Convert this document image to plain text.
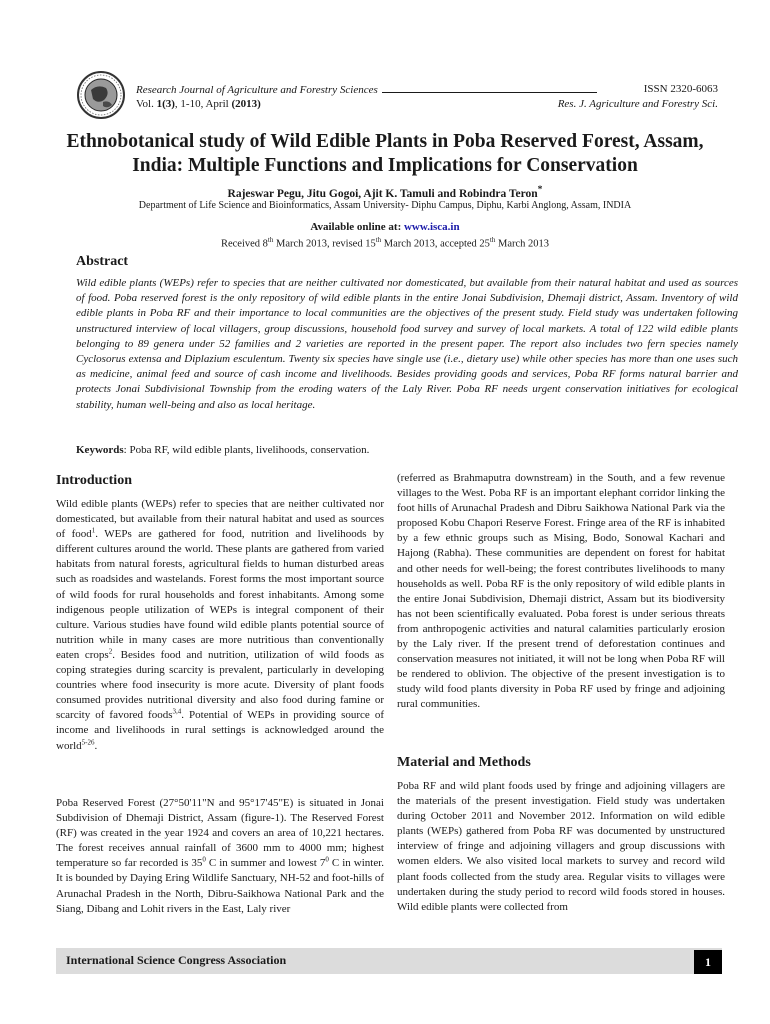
Research Journal of Agriculture and Forestry Sciences
Vol. 1(3), 1-10, April (2013)
ISSN 2320-6063
Res. J. Agriculture and Forestry Sci.
Ethnobotanical study of Wild Edible Plants in Poba Reserved Forest, Assam, India: Multiple Functions and Implications for Conservation
Rajeswar Pegu, Jitu Gogoi, Ajit K. Tamuli and Robindra Teron*
Department of Life Science and Bioinformatics, Assam University- Diphu Campus, Diphu, Karbi Anglong, Assam, INDIA
Available online at: www.isca.in
Received 8th March 2013, revised 15th March 2013, accepted 25th March 2013
Abstract
Wild edible plants (WEPs) refer to species that are neither cultivated nor domesticated, but available from their natural habitat and used as sources of food. Poba reserved forest is the only repository of wild edible plants in the entire Jonai Subdivision, Dhemaji district, Assam. Inventory of wild edible plants in Poba RF and their importance to local communities are the objectives of the present study. Field study was undertaken following unstructured interview of local villagers, group discussions, household food survey and survey of local markets. A total of 122 wild edible plants belonging to 89 genera under 52 families and 2 varieties are reported in the present paper. The report also includes two fern species namely Cyclosorus extensa and Diplazium esculentum. Twenty six species have single use (i.e., dietary use) while other species has more than one uses such as medicine, animal feed and source of cash income and livelihoods. Besides providing goods and services, Poba RF forms natural barrier and protects Jonai Subdivisional Township from the eroding waters of the Laly River. Poba RF needs urgent conservation initiatives for ecological stability, human well-being and also as local heritage.
Keywords: Poba RF, wild edible plants, livelihoods, conservation.
Introduction
Wild edible plants (WEPs) refer to species that are neither cultivated nor domesticated, but available from their natural habitat and used as sources of food$^1$. WEPs are gathered for food, nutrition and livelihoods by different cultures around the world. These plants are gathered from varied habitats from natural forests, agricultural fields to human disturbed areas such as roadsides and wastelands. Forest forms the most important source of wild foods for rural households and forest inhabitants. Among some indigenous people utilization of WEPs is integral component of their culture. Various studies have found wild edible plants potential source of nutrition while in many cases are more nutritious than conventionally eaten crops$^2$. Besides food and nutrition, utilization of wild foods as coping strategies during scarcity is prevalent, particularly in developing countries where food insecurity is more acute. Diversity of plant foods consumed provides nutritional diversity and also food during famine or scarcity of favored foods$^{3,4}$. Potential of WEPs in providing source of income and livelihoods in rural settings is acknowledged around the world$^{5-26}$.
Poba Reserved Forest (27°50'11"N and 95°17'45"E) is situated in Jonai Subdivision of Dhemaji District, Assam (figure-1). The Reserved Forest (RF) was created in the year 1924 and covers an area of 10,221 hectares. The forest receives annual rainfall of 3600 mm to 4000 mm; highest temperature so far recorded is $35^0$ C in summer and lowest $7^0$ C in winter. It is bounded by Daying Ering Wildlife Sanctuary, NH-52 and foot-hills of Arunachal Pradesh in the North, Dibru-Saikhowa National Park and the Siang, Dibang and Lohit rivers in the East, Laly river
(referred as Brahmaputra downstream) in the South, and a few revenue villages to the West. Poba RF is an important elephant corridor linking the foot hills of Arunachal Pradesh and Dibru Saikhowa National Park via the proposed Kobu Chapori Reserve Forest. Fringe area of the RF is inhabited by a few ethnic groups such as Mising, Bodo, Sonowal Kachari and Hajong (Rabha). These communities are dependent on forest for habitat and other needs for well-being; the forest contributes livelihoods to many households as well. Poba RF is the only repository of wild edible plants in the entire Jonai Subdivision, Dhemaji district, Assam but its biodiversity has not been scientifically evaluated. Poba forest is under serious threats from anthropogenic activities and natural calamities particularly erosion by the Laly river. If the present trend of deforestation continues and conservation measures not initiated, it will not be long when Poba RF will be rendered to oblivion. The objective of the present investigation is to study wild food plants diversity in Poba RF used by fringe and adjoining rural communities.
Material and Methods
Poba RF and wild plant foods used by fringe and adjoining villagers are the materials of the present investigation. Field study was undertaken during October 2011 and November 2012. Information on wild edible plants (WEPs) gathered from Poba RF was documented by unstructured interview of fringe and adjoining villagers and group discussions with women elders. We also visited local markets to survey and record wild plant foods collected from the study area. Regular visits to villages were undertaken during the study period to record wild foods stored in houses. Wild edible plants were collected from
International Science Congress Association	1
